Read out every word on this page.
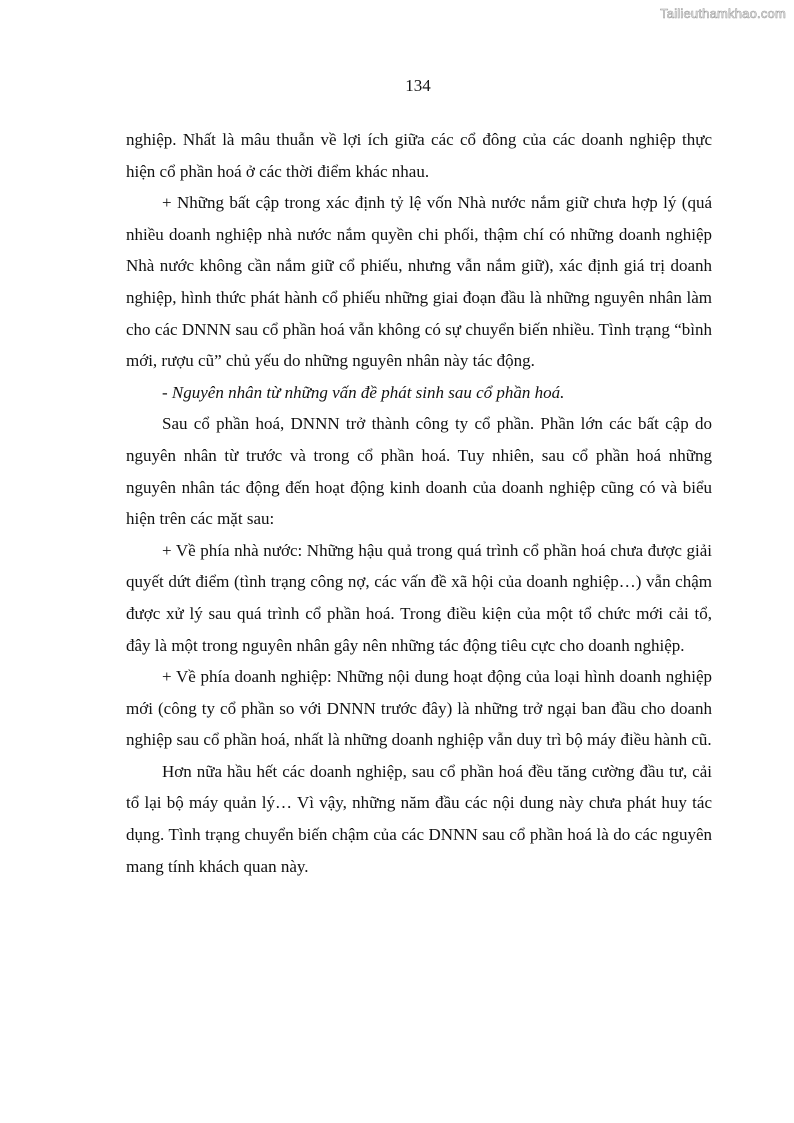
Tailieuthamkhao.com
134

nghiệp. Nhất là mâu thuẫn về lợi ích giữa các cổ đông của các doanh nghiệp thực hiện cổ phần hoá ở các thời điểm khác nhau.

+ Những bất cập trong xác định tỷ lệ vốn Nhà nước nắm giữ chưa hợp lý (quá nhiều doanh nghiệp nhà nước nắm quyền chi phối, thậm chí có những doanh nghiệp Nhà nước không cần nắm giữ cổ phiếu, nhưng vẫn nắm giữ), xác định giá trị doanh nghiệp, hình thức phát hành cổ phiếu những giai đoạn đầu là những nguyên nhân làm cho các DNNN sau cổ phần hoá vẫn không có sự chuyển biến nhiều. Tình trạng “bình mới, rượu cũ” chủ yếu do những nguyên nhân này tác động.

- Nguyên nhân từ những vấn đề phát sinh sau cổ phần hoá.

Sau cổ phần hoá, DNNN trở thành công ty cổ phần. Phần lớn các bất cập do nguyên nhân từ trước và trong cổ phần hoá. Tuy nhiên, sau cổ phần hoá những nguyên nhân tác động đến hoạt động kinh doanh của doanh nghiệp cũng có và biểu hiện trên các mặt sau:

+ Về phía nhà nước: Những hậu quả trong quá trình cổ phần hoá chưa được giải quyết dứt điểm (tình trạng công nợ, các vấn đề xã hội của doanh nghiệp…) vẫn chậm được xử lý sau quá trình cổ phần hoá. Trong điều kiện của một tổ chức mới cải tổ, đây là một trong nguyên nhân gây nên những tác động tiêu cực cho doanh nghiệp.

+ Về phía doanh nghiệp: Những nội dung hoạt động của loại hình doanh nghiệp mới (công ty cổ phần so với DNNN trước đây) là những trở ngại ban đầu cho doanh nghiệp sau cổ phần hoá, nhất là những doanh nghiệp vẫn duy trì bộ máy điều hành cũ.

Hơn nữa hầu hết các doanh nghiệp, sau cổ phần hoá đều tăng cường đầu tư, cải tổ lại bộ máy quản lý… Vì vậy, những năm đầu các nội dung này chưa phát huy tác dụng. Tình trạng chuyển biến chậm của các DNNN sau cổ phần hoá là do các nguyên mang tính khách quan này.
